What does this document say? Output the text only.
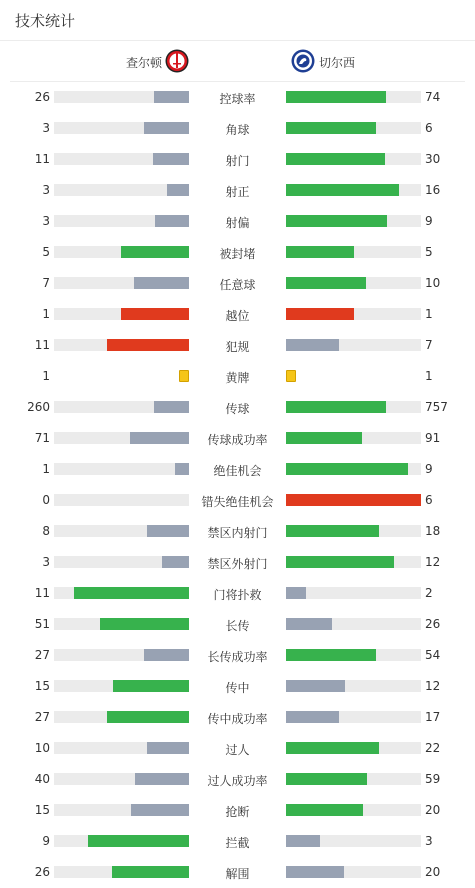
技术统计
查尔顿	切尔西
26	控球率	74
3	角球	6
11	射门	30
3	射正	16
3	射偏	9
5	被封堵	5
7	任意球	10
1	越位	1
11	犯规	7
1	黄牌	1
260	传球	757
71	传球成功率	91
1	绝佳机会	9
0	错失绝佳机会	6
8	禁区内射门	18
3	禁区外射门	12
11	门将扑救	2
51	长传	26
27	长传成功率	54
15	传中	12
27	传中成功率	17
10	过人	22
40	过人成功率	59
15	抢断	20
9	拦截	3
26	解围	20
